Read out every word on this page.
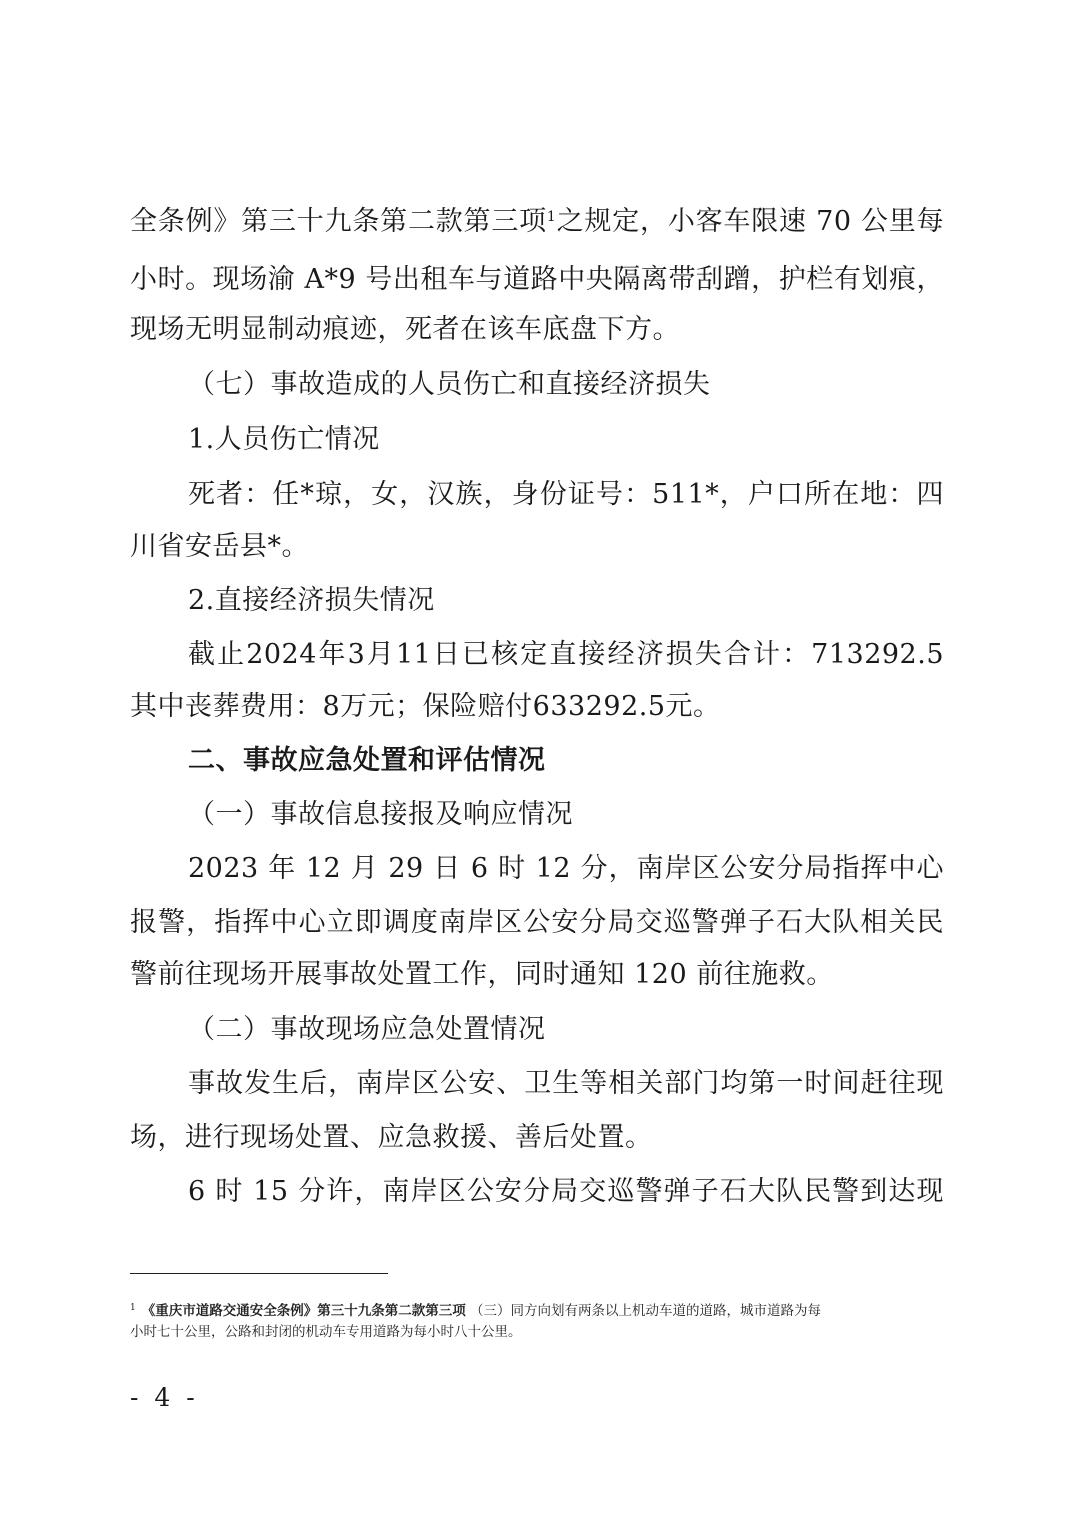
全条例》第三十九条第二款第三项$^1$之规定，小客车限速 70 公里每
小时。现场渝 A*9 号出租车与道路中央隔离带刮蹭，护栏有划痕，
现场无明显制动痕迹，死者在该车底盘下方。
（七）事故造成的人员伤亡和直接经济损失
1.人员伤亡情况
死者：任*琼，女，汉族，身份证号：511*，户口所在地：四
川省安岳县*。
2.直接经济损失情况
截止2024年3月11日已核定直接经济损失合计：713292.5
其中丧葬费用：8万元；保险赔付633292.5元。
二、事故应急处置和评估情况
（一）事故信息接报及响应情况
2023 年 12 月 29 日 6 时 12 分，南岸区公安分局指挥中心
报警，指挥中心立即调度南岸区公安分局交巡警弹子石大队相关民
警前往现场开展事故处置工作，同时通知 120 前往施救。
（二）事故现场应急处置情况
事故发生后，南岸区公安、卫生等相关部门均第一时间赶往现
场，进行现场处置、应急救援、善后处置。
6 时 15 分许，南岸区公安分局交巡警弹子石大队民警到达现
$^1$ 《重庆市道路交通安全条例》第三十九条第二款第三项 （三）同方向划有两条以上机动车道的道路，城市道路为每
小时七十公里，公路和封闭的机动车专用道路为每小时八十公里。
- 4 -
